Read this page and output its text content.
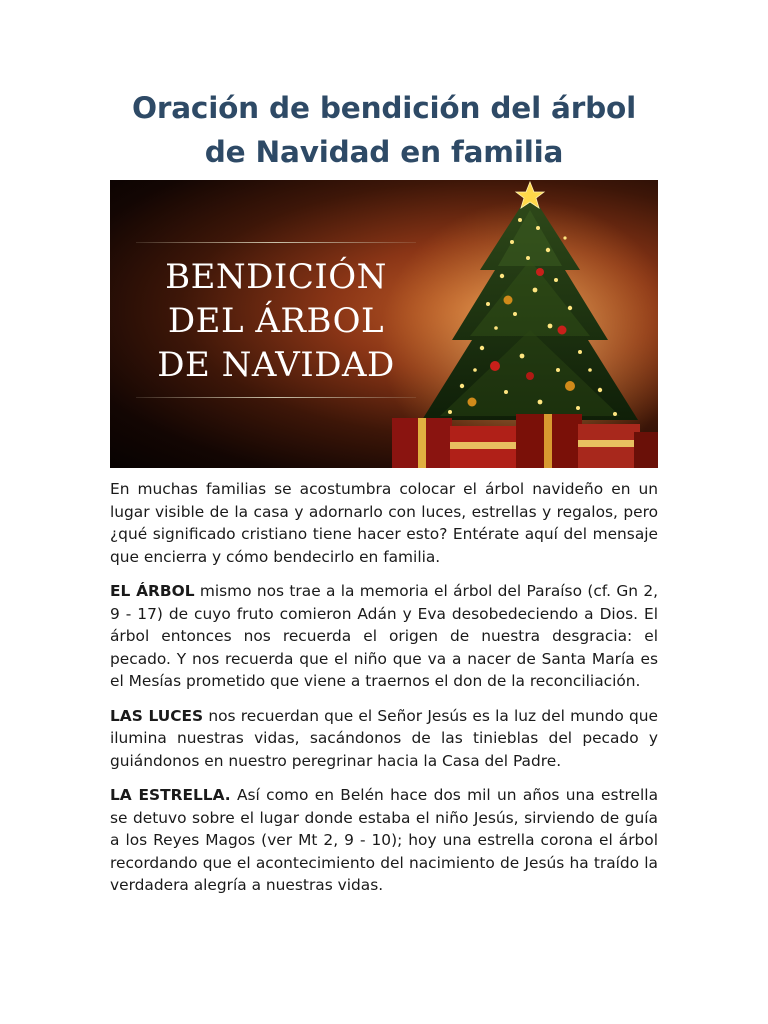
Oración de bendición del árbol de Navidad en familia
BENDICIÓN
DEL ÁRBOL
DE NAVIDAD

En muchas familias se acostumbra colocar el árbol navideño en un lugar visible de la casa y adornarlo con luces, estrellas y regalos, pero ¿qué significado cristiano tiene hacer esto? Entérate aquí del mensaje que encierra y cómo bendecirlo en familia.

EL ÁRBOL mismo nos trae a la memoria el árbol del Paraíso (cf. Gn 2, 9 - 17) de cuyo fruto comieron Adán y Eva desobedeciendo a Dios. El árbol entonces nos recuerda el origen de nuestra desgracia: el pecado. Y nos recuerda que el niño que va a nacer de Santa María es el Mesías prometido que viene a traernos el don de la reconciliación.

LAS LUCES nos recuerdan que el Señor Jesús es la luz del mundo que ilumina nuestras vidas, sacándonos de las tinieblas del pecado y guiándonos en nuestro peregrinar hacia la Casa del Padre.

LA ESTRELLA. Así como en Belén hace dos mil un años una estrella se detuvo sobre el lugar donde estaba el niño Jesús, sirviendo de guía a los Reyes Magos (ver Mt 2, 9 - 10); hoy una estrella corona el árbol recordando que el acontecimiento del nacimiento de Jesús ha traído la verdadera alegría a nuestras vidas.
